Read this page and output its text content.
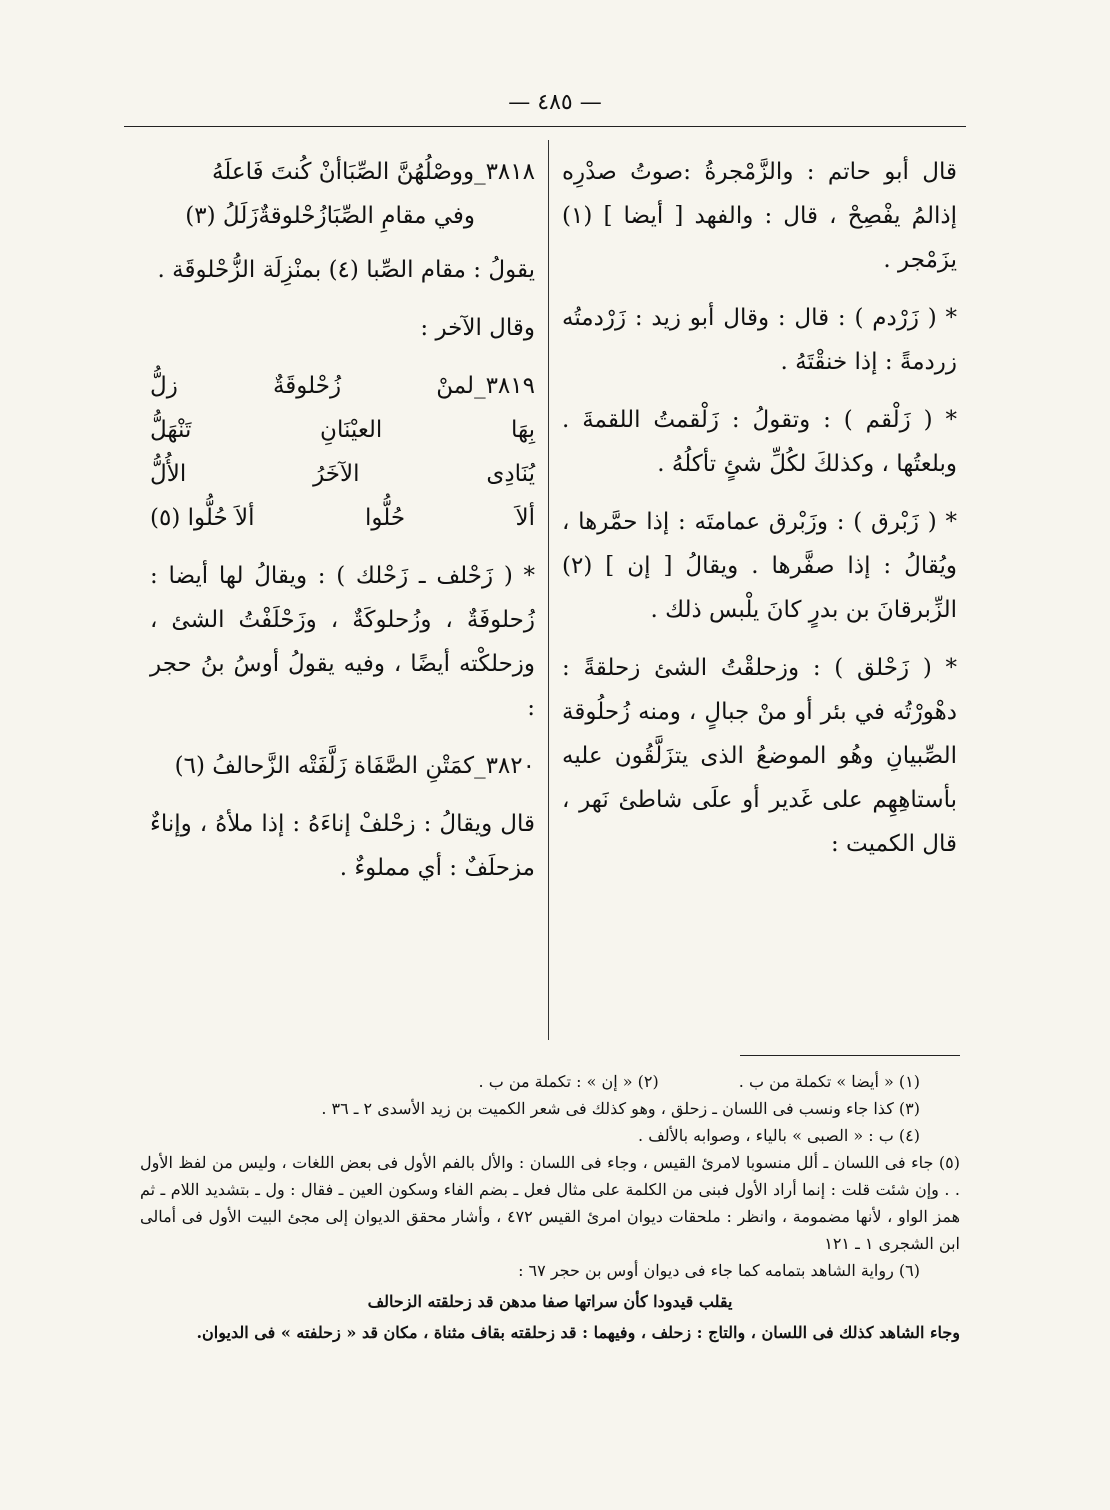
— ٤٨٥ —

قال أبو حاتم : والزَّمْجرةُ :صوتُ صدْرِه إذالمُ يفْصِحْ ، قال : والفهد [ أيضا ] (١) يزَمْجر .

* ( زَرْدم ) : قال : وقال أبو زيد : زَرْدمتُه زردمةً : إذا خنقْتَهُ .

* ( زَلْقم ) : وتقولُ : زَلْقمتُ اللقمةَ . وبلعتُها ، وكذلكَ لكُلِّ شئٍ تأكلُهُ .

* ( زَبْرق ) : وزَبْرق عمامتَه : إذا حمَّرها ، ويُقالُ : إذا صفَّرها . ويقالُ [ إن ] (٢) الزِّبرقانَ بن بدرٍ كانَ يلْبس ذلك .

* ( زَحْلق ) : وزحلقْتُ الشئ زحلقةً : دهْورْتُه في بئر أو منْ جبالٍ ، ومنه زُحلُوقة الصِّبيانِ وهُو الموضعُ الذى يتزَلَّقُون عليه بأستاهِهِم على غَدير أو علَى شاطئ نَهر ، قال الكميت :

٣٨١٨_ووصْلُهُنَّ الصِّبَاأنْ كُنتَ فَاعلَهُ
وفي مقامِ الصِّبَازُحْلوقةٌزَلَلُ (٣)

يقولُ : مقام الصِّبا (٤) بمنْزِلَة الزُّحْلوقَة .

وقال الآخر :

٣٨١٩_لمنْ
زُحْلوقَةٌ
زلُّ
بِهَا
العيْنَانِ
تَنْهَلُّ
يُنَادِى
الآخَرُ
الأُلُّ
ألاَ
حُلُّوا
ألاَ حُلُّوا (٥)

* ( زَحْلف ـ زَحْلك ) : ويقالُ لها أيضا : زُحلوفَةٌ ، وزُحلوكَةٌ ، وزَحْلَفْتُ الشئ ، وزحلكْته أيضًا ، وفيه يقولُ أوسُ بنُ حجر :

٣٨٢٠_كمَتْنِ الصَّفَاة زَلَّفَتْه الزَّحالفُ (٦)

قال ويقالُ : زحْلفْ إناءَهُ : إذا ملأهُ ، وإناءٌ مزحلَفٌ : أي مملوءٌ .

(١) « أيضا » تكملة من ب .
(٢) « إن » : تكملة من ب .
(٣) كذا جاء ونسب فى اللسان ـ زحلق ، وهو كذلك فى شعر الكميت بن زيد الأسدى ٢ ـ ٣٦ .
(٤) ب : « الصبى » بالياء ، وصوابه بالألف .
(٥) جاء فى اللسان ـ ألل منسوبا لامرئ القيس ، وجاء فى اللسان : والأل بالفم الأول فى بعض اللغات ، وليس من لفظ الأول . . وإن شئت قلت : إنما أراد الأول فبنى من الكلمة على مثال فعل ـ بضم الفاء وسكون العين ـ فقال : ول ـ بتشديد اللام ـ ثم همز الواو ، لأنها مضمومة ، وانظر : ملحقات ديوان امرئ القيس ٤٧٢ ، وأشار محقق الديوان إلى مجئ البيت الأول فى أمالى ابن الشجرى ١ ـ ١٢١
(٦) رواية الشاهد بتمامه كما جاء فى ديوان أوس بن حجر ٦٧ :
يقلب قيدودا كأن سراتها صفا مدهن قد زحلقته الزحالف
وجاء الشاهد كذلك فى اللسان ، والتاج : زحلف ، وفيهما : قد زحلقته بقاف مثناة ، مكان قد « زحلفته » فى الديوان.
